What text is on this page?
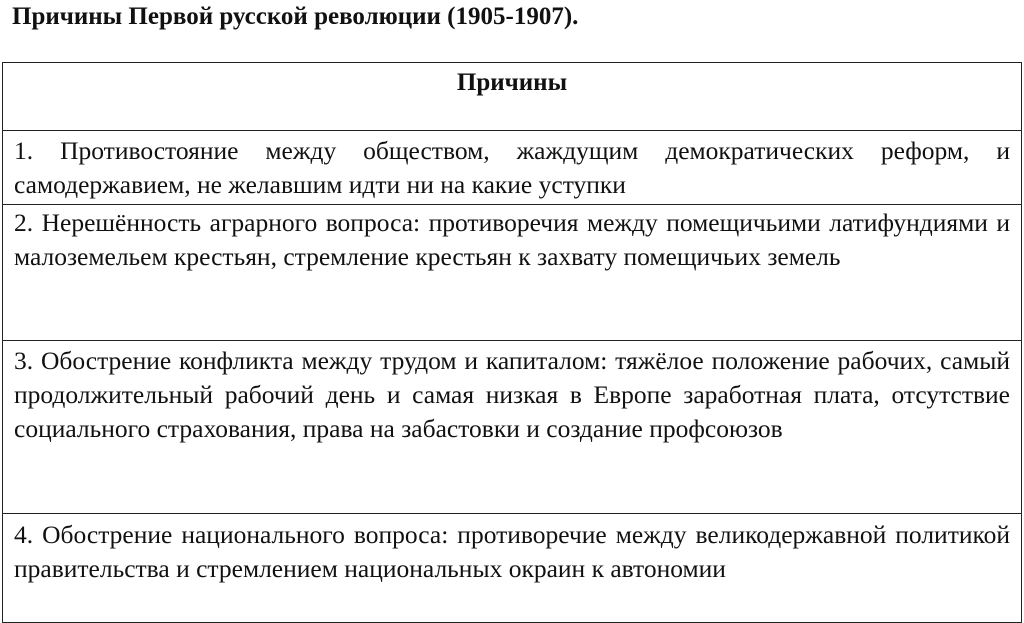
Причины Первой русской революции (1905-1907).
Причины
1. Противостояние между обществом, жаждущим демократических реформ, и самодержавием, не желавшим идти ни на какие уступки
2. Нерешённость аграрного вопроса: противоречия между помещичьими латифундиями и малоземельем крестьян, стремление крестьян к захвату помещичьих земель
3. Обострение конфликта между трудом и капиталом: тяжёлое положение рабочих, самый продолжительный рабочий день и самая низкая в Европе заработная плата, отсутствие социального страхования, права на забастовки и создание профсоюзов
4. Обострение национального вопроса: противоречие между великодержавной политикой правительства и стремлением национальных окраин к автономии
